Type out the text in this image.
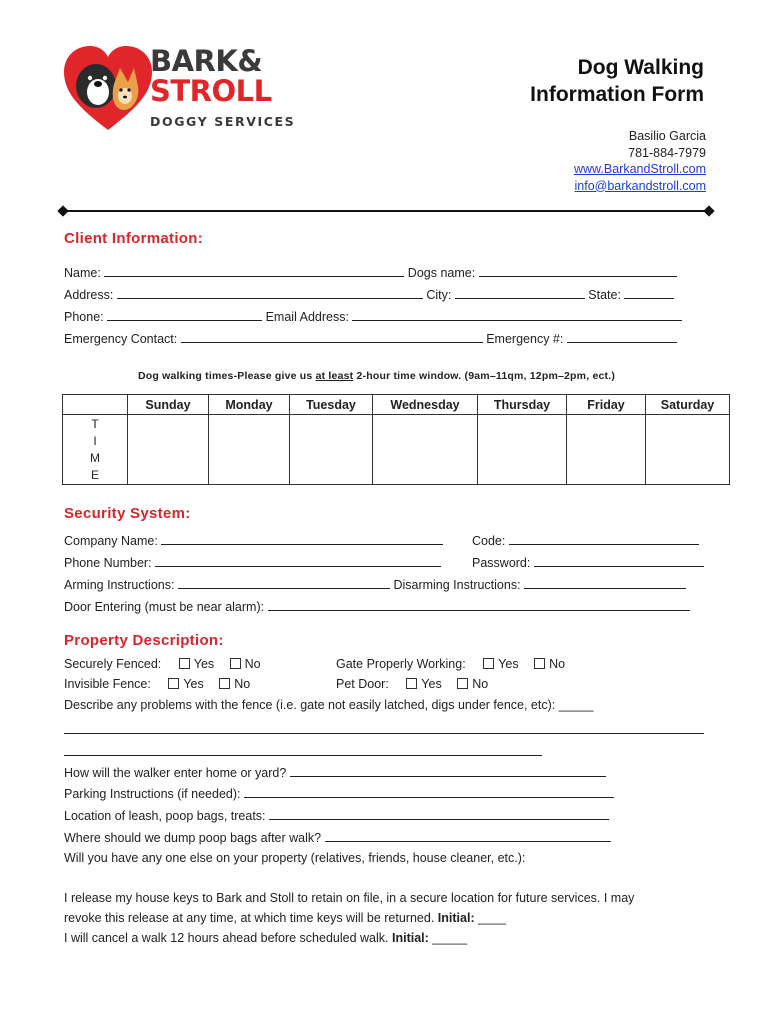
BARK&
STROLL
DOGGY SERVICES
Dog Walking
Information Form
Basilio Garcia
781-884-7979
www.BarkandStroll.com
info@barkandstroll.com
Client Information:
Name:	Dogs name:
Address:	City:	State:
Phone:	Email Address:
Emergency Contact:	Emergency #:
Dog walking times-Please give us at least 2-hour time window. (9am–11qm, 12pm–2pm, ect.)
	Sunday	Monday	Tuesday	Wednesday	Thursday	Friday	Saturday

T
I
M
E							

Security System:
Company Name:	Code:
Phone Number:	Password:
Arming Instructions:	Disarming Instructions:
Door Entering (must be near alarm):
Property Description:
Securely Fenced:	Yes No	Gate Properly Working:	Yes No
Invisible Fence:	Yes No	Pet Door:	Yes No
Describe any problems with the fence (i.e. gate not easily latched, digs under fence, etc): _____
How will the walker enter home or yard?
Parking Instructions (if needed):
Location of leash, poop bags, treats:
Where should we dump poop bags after walk?
Will you have any one else on your property (relatives, friends, house cleaner, etc.):
I release my house keys to Bark and Stoll to retain on file, in a secure location for future services. I may
revoke this release at any time, at which time keys will be returned. Initial: ____
I will cancel a walk 12 hours ahead before scheduled walk. Initial: _____
